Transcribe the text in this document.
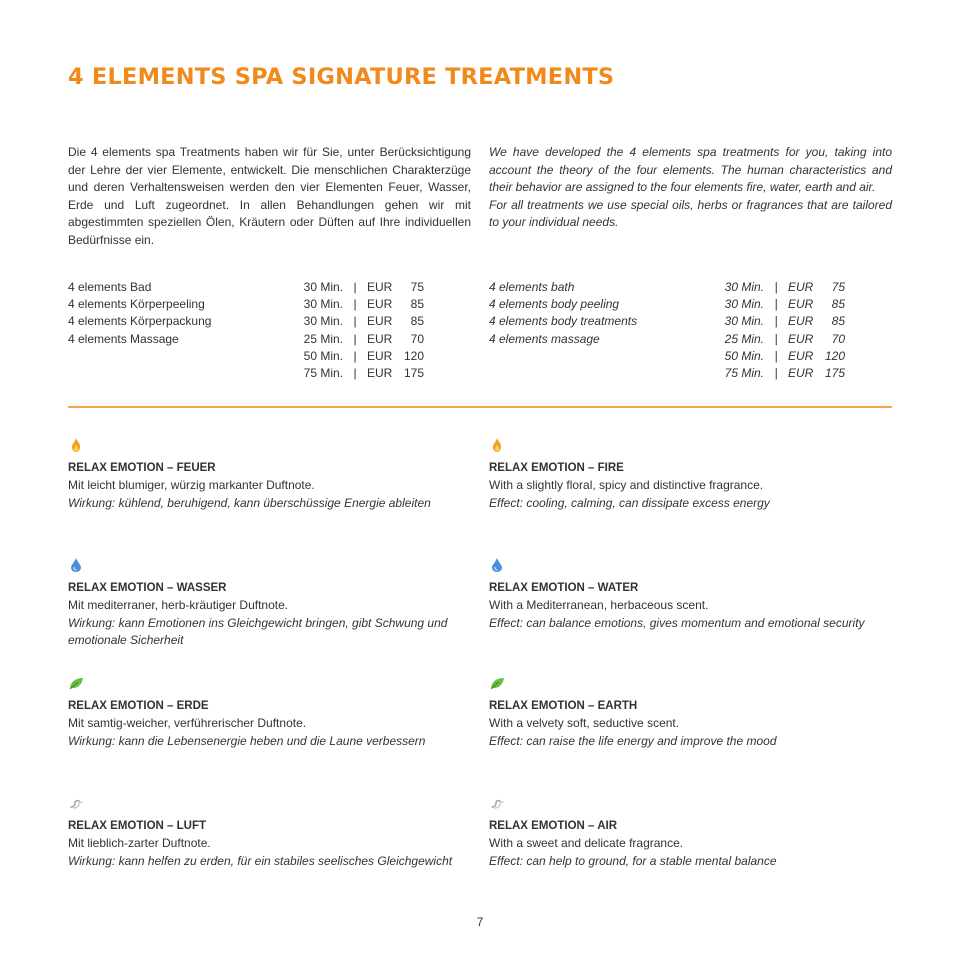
4 ELEMENTS SPA SIGNATURE TREATMENTS

Die 4 elements spa Treatments haben wir für Sie, unter Berücksichtigung der Lehre der vier Elemente, entwickelt. Die menschlichen Charakterzüge und deren Verhaltensweisen werden den vier Elementen Feuer, Wasser, Erde und Luft zugeordnet. In allen Behandlungen gehen wir mit abgestimmten speziellen Ölen, Kräutern oder Düften auf Ihre individuellen Bedürfnisse ein.

We have developed the 4 elements spa treatments for you, taking into account the theory of the four elements. The human characteristics and their behavior are assigned to the four elements fire, water, earth and air.

For all treatments we use special oils, herbs or fragrances that are tailored to your individual needs.

4 elements Bad	30 Min. | EUR	75
4 elements Körperpeeling	30 Min. | EUR	85
4 elements Körperpackung	30 Min. | EUR	85
4 elements Massage	25 Min. | EUR	70
50 Min. | EUR 120
75 Min. | EUR 175
4 elements bath	30 Min. | EUR	75
4 elements body peeling	30 Min. | EUR	85
4 elements body treatments	30 Min. | EUR	85
4 elements massage	25 Min. | EUR	70
50 Min. | EUR 120
75 Min. | EUR 175
RELAX EMOTION – FEUER
Mit leicht blumiger, würzig markanter Duftnote.
Wirkung: kühlend, beruhigend, kann überschüssige Energie ableiten
RELAX EMOTION – FIRE
With a slightly floral, spicy and distinctive fragrance.
Effect: cooling, calming, can dissipate excess energy
RELAX EMOTION – WASSER
Mit mediterraner, herb-kräutiger Duftnote.
Wirkung: kann Emotionen ins Gleichgewicht bringen, gibt Schwung und emotionale Sicherheit
RELAX EMOTION – WATER
With a Mediterranean, herbaceous scent.
Effect: can balance emotions, gives momentum and emotional security
RELAX EMOTION – ERDE
Mit samtig-weicher, verführerischer Duftnote.
Wirkung: kann die Lebensenergie heben und die Laune verbessern
RELAX EMOTION – EARTH
With a velvety soft, seductive scent.
Effect: can raise the life energy and improve the mood
RELAX EMOTION – LUFT
Mit lieblich-zarter Duftnote.
Wirkung: kann helfen zu erden, für ein stabiles seelisches Gleichgewicht
RELAX EMOTION – AIR
With a sweet and delicate fragrance.
Effect: can help to ground, for a stable mental balance
7
